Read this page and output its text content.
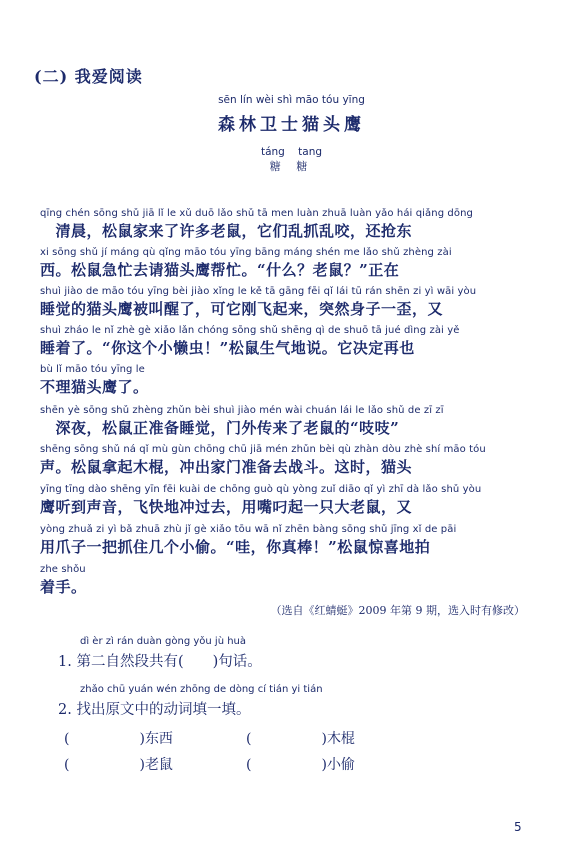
(二) 我爱阅读
sēn lín wèi shì māo tóu yīng
森林卫士猫头鹰
táng tang
糖 糖
qīng chén sōng shǔ jiā lǐ le xǔ duō lǎo shǔ tā men luàn zhuā luàn yǎo hái qiǎng dōng
　清晨，松鼠家来了许多老鼠，它们乱抓乱咬，还抢东
xi sōng shǔ jí máng qù qǐng māo tóu yīng bāng máng shén me lǎo shǔ zhèng zài
西。松鼠急忙去请猫头鹰帮忙。“什么？老鼠？”正在
shuì jiào de māo tóu yīng bèi jiào xǐng le kě tā gāng fēi qǐ lái tū rán shēn zi yì wāi yòu
睡觉的猫头鹰被叫醒了，可它刚飞起来，突然身子一歪，又
shuì zháo le nǐ zhè gè xiǎo lǎn chóng sōng shǔ shēng qì de shuō tā jué dìng zài yě
睡着了。“你这个小懒虫！”松鼠生气地说。它决定再也
bù lǐ māo tóu yīng le
不理猫头鹰了。
shēn yè sōng shǔ zhèng zhǔn bèi shuì jiào mén wài chuán lái le lǎo shǔ de zī zī
　深夜，松鼠正准备睡觉，门外传来了老鼠的“吱吱”
shēng sōng shǔ ná qǐ mù gùn chōng chū jiā mén zhǔn bèi qù zhàn dòu zhè shí māo tóu
声。松鼠拿起木棍，冲出家门准备去战斗。这时，猫头
yīng tīng dào shēng yīn fēi kuài de chōng guò qù yòng zuǐ diāo qǐ yì zhī dà lǎo shǔ yòu
鹰听到声音，飞快地冲过去，用嘴叼起一只大老鼠，又
yòng zhuǎ zi yì bǎ zhuā zhù jǐ gè xiǎo tōu wā nǐ zhēn bàng sōng shǔ jīng xǐ de pāi
用爪子一把抓住几个小偷。“哇，你真棒！”松鼠惊喜地拍
zhe shǒu
着手。
（选自《红蜻蜓》2009 年第 9 期，选入时有修改）
dì èr zì rán duàn gòng yǒu jù huà
1. 第二自然段共有(　　)句话。
zhǎo chū yuán wén zhōng de dòng cí tián yi tián
2. 找出原文中的动词填一填。
(	)东西	(	)木棍
(	)老鼠	(	)小偷
5
